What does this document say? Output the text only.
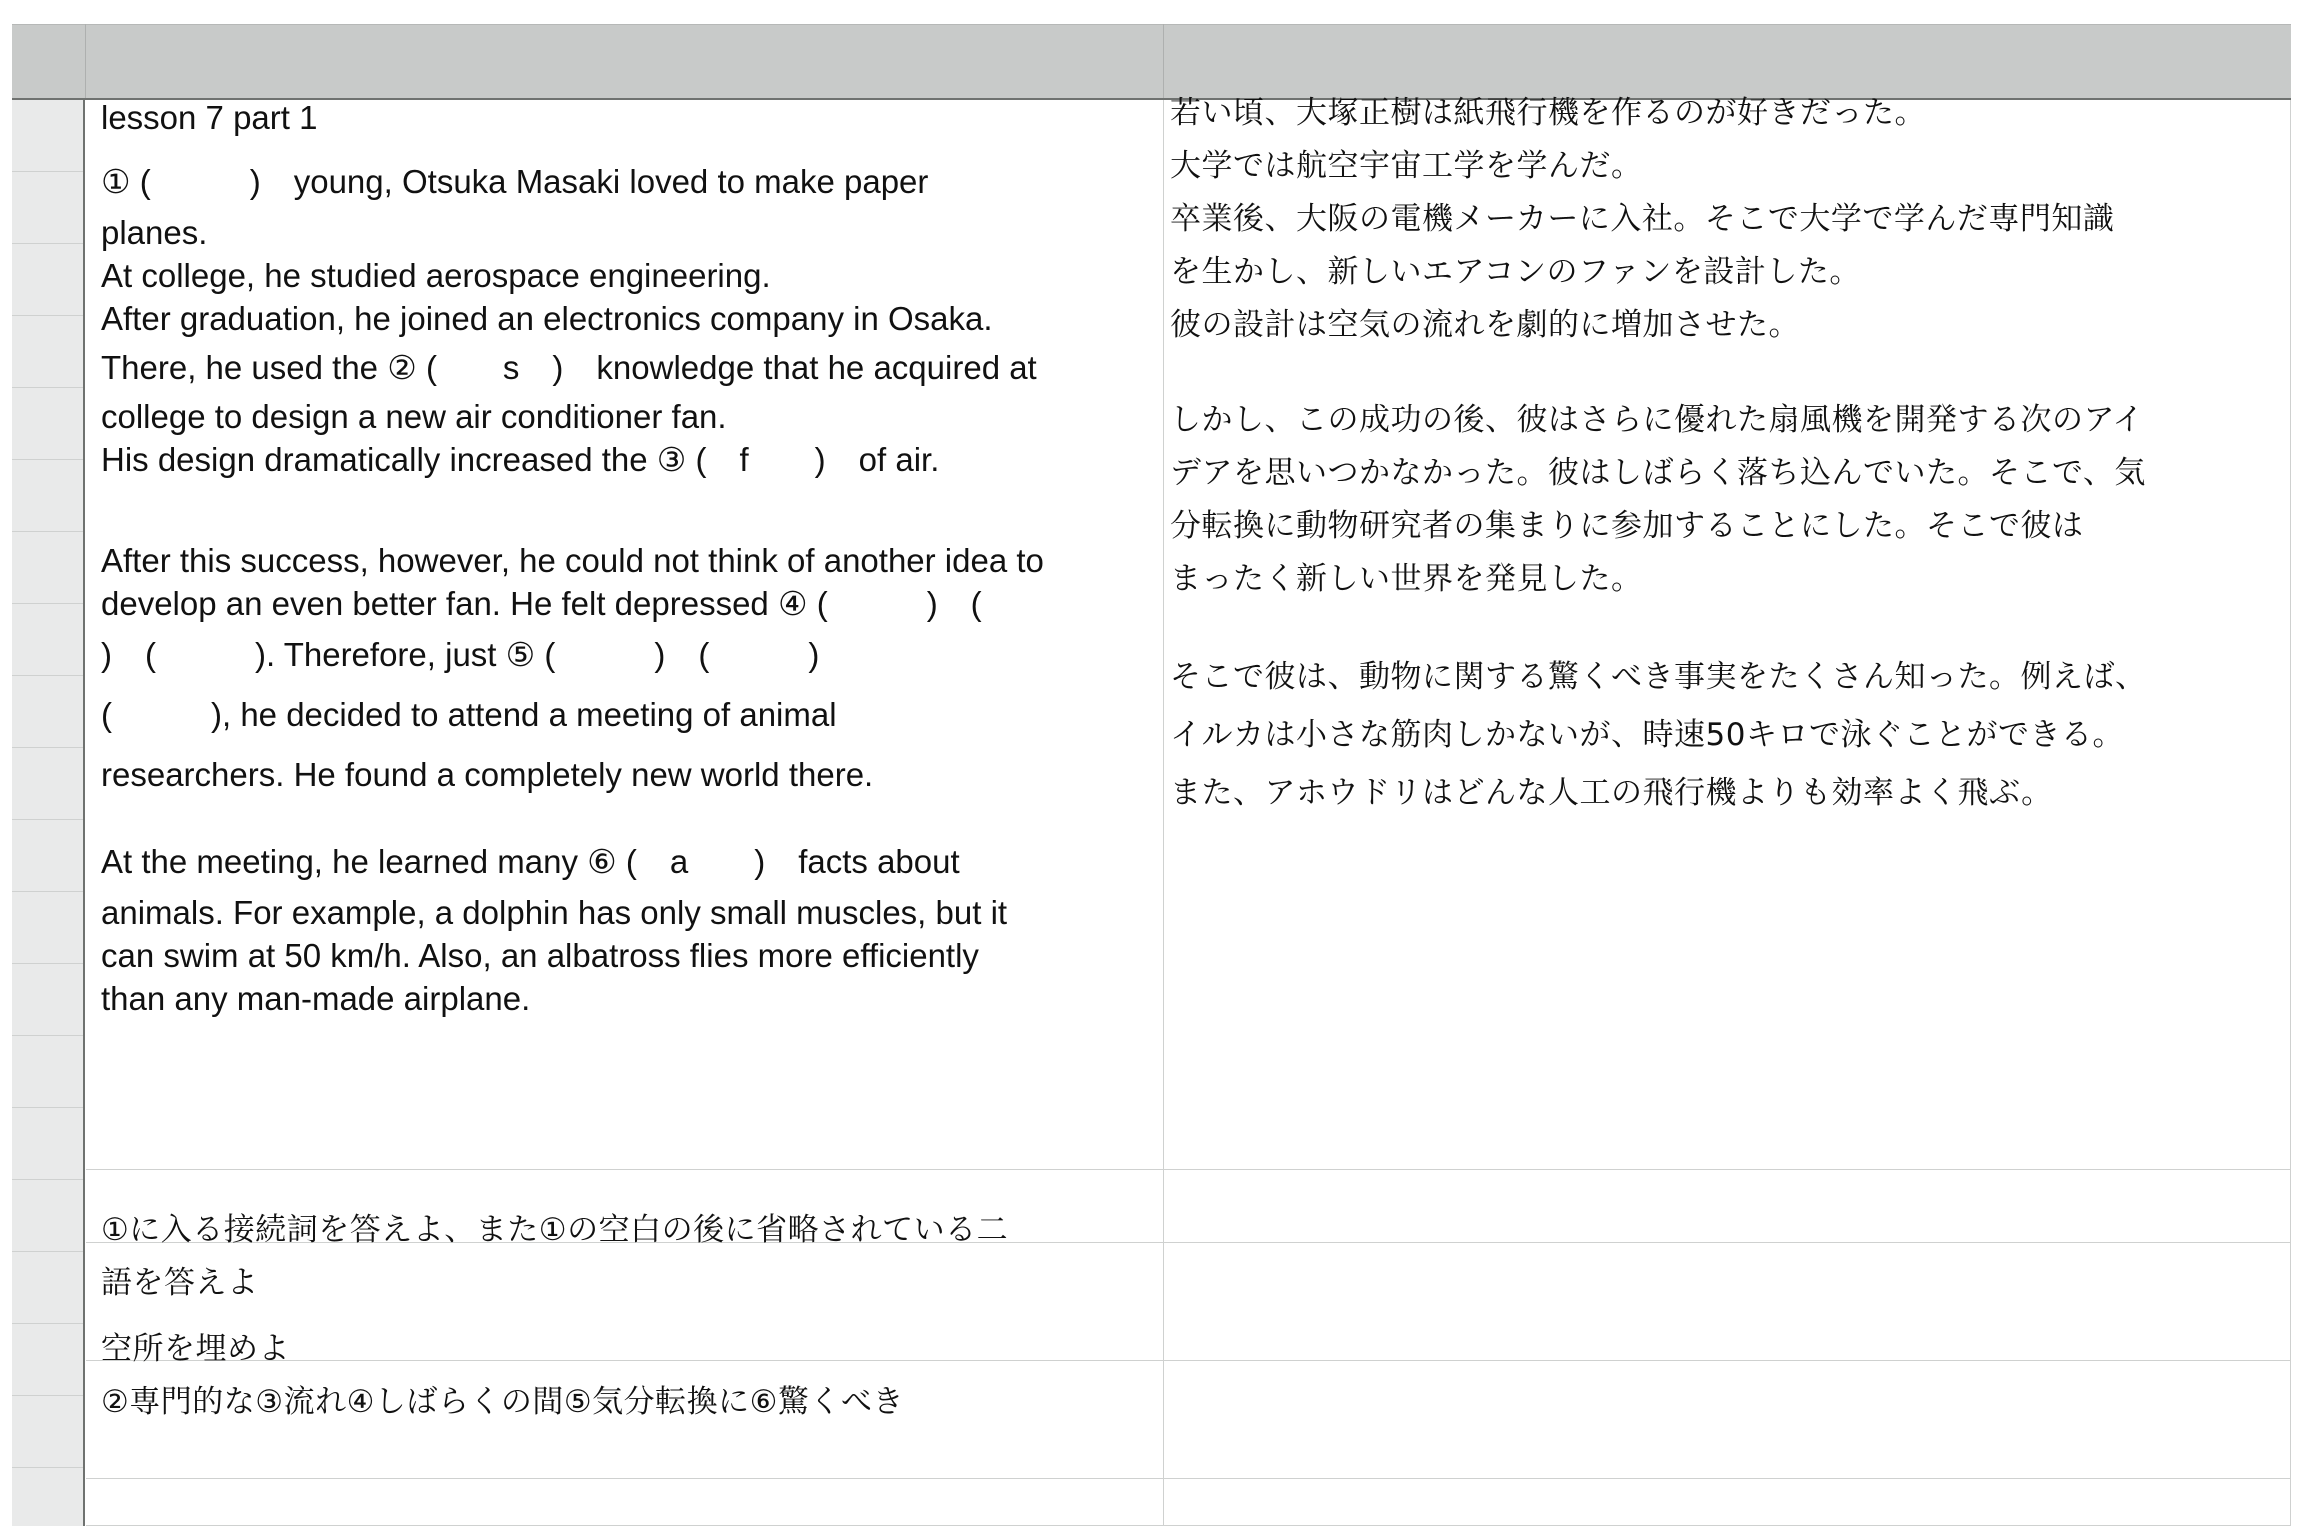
lesson 7 part 1
① (　　　)　young, Otsuka Masaki loved to make paper
planes.
At college, he studied aerospace engineering.
After graduation, he joined an electronics company in Osaka.
There, he used the ② (　　s　)　knowledge that he acquired at
college to design a new air conditioner fan.
His design dramatically increased the ③ (　f　　)　of air.
After this success, however, he could not think of another idea to
develop an even better fan. He felt depressed ④ (　　　)　(
)　(　　　). Therefore, just ⑤ (　　　)　(　　　)
(　　　), he decided to attend a meeting of animal
researchers. He found a completely new world there.
At the meeting, he learned many ⑥ (　a　　)　facts about
animals. For example, a dolphin has only small muscles, but it
can swim at 50 km/h. Also, an albatross flies more efficiently
than any man-made airplane.
若い頃、大塚正樹は紙飛行機を作るのが好きだった。
大学では航空宇宙工学を学んだ。
卒業後、大阪の電機メーカーに入社。そこで大学で学んだ専門知識
を生かし、新しいエアコンのファンを設計した。
彼の設計は空気の流れを劇的に増加させた。
しかし、この成功の後、彼はさらに優れた扇風機を開発する次のアイ
デアを思いつかなかった。彼はしばらく落ち込んでいた。そこで、気
分転換に動物研究者の集まりに参加することにした。そこで彼は
まったく新しい世界を発見した。
そこで彼は、動物に関する驚くべき事実をたくさん知った。例えば、
イルカは小さな筋肉しかないが、時速50キロで泳ぐことができる。
また、アホウドリはどんな人工の飛行機よりも効率よく飛ぶ。
①に入る接続詞を答えよ、また①の空白の後に省略されている二
語を答えよ
空所を埋めよ
②専門的な③流れ④しばらくの間⑤気分転換に⑥驚くべき
